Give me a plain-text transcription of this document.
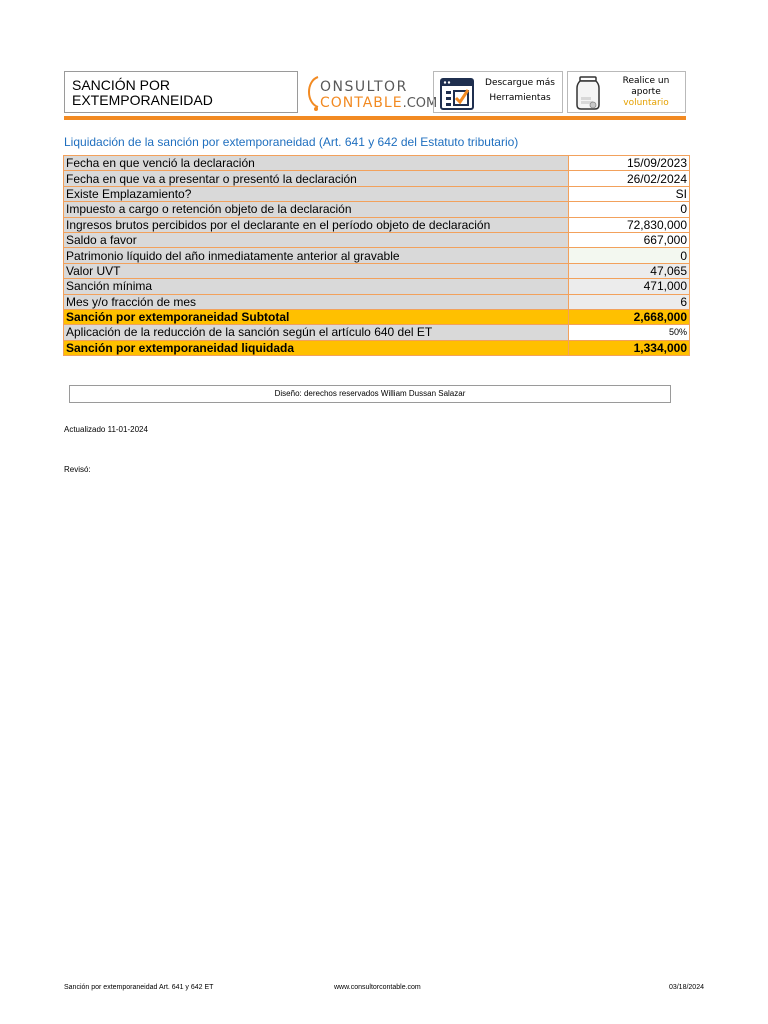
SANCIÓN POR
EXTEMPORANEIDAD
ONSULTOR
CONTABLE.COM
Descargue más
Herramientas
Realice un
aporte
voluntario
Liquidación de la sanción por extemporaneidad (Art. 641 y 642 del Estatuto tributario)
Fecha en que venció la declaración	15/09/2023
Fecha en que va a presentar o presentó la declaración	26/02/2024
Existe Emplazamiento?	SI
Impuesto a cargo o retención objeto de la declaración	0
Ingresos brutos percibidos por el declarante en el período objeto de declaración	72,830,000
Saldo a favor	667,000
Patrimonio líquido del año inmediatamente anterior al gravable	0
Valor UVT	47,065
Sanción mínima	471,000
Mes y/o fracción de mes	6
Sanción por extemporaneidad Subtotal	2,668,000
Aplicación de la reducción de la sanción según el artículo 640 del ET	50%
Sanción por extemporaneidad liquidada	1,334,000
Diseño: derechos reservados William Dussan Salazar
Actualizado 11-01-2024
Revisó:
Sanción por extemporaneidad Art. 641 y 642 ET	www.consultorcontable.com	03/18/2024
